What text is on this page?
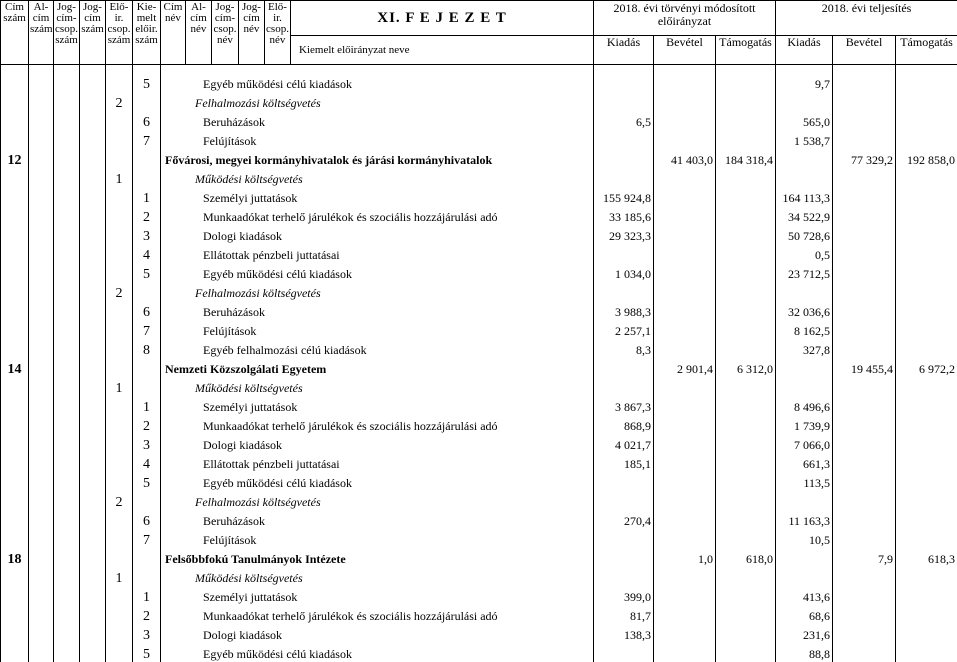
Cím szám	Al-cím szám	Jog-cím-csop. szám	Jog-cím szám	Elő-ir. csop. szám	Kie-melt előir. szám	Cím név	Al-cím név	Jog-cím-csop. név	Jog-cím név	Elő-ir. csop. név	XI. F E J E Z E T	2018. évi törvényi módosított előirányzat			2018. évi teljesítés		
											Kiemelt előirányzat neve	Kiadás	Bevétel	Támogatás	Kiadás	Bevétel	Támogatás

					5	Egyéb működési célú kiadások									9,7		
				2		Felhalmozási költségvetés											
					6	Beruházások						6,5			565,0		
					7	Felújítások									1 538,7		
12						Fővárosi, megyei kormányhivatalok és járási kormányhivatalok							41 403,0	184 318,4		77 329,2	192 858,0
				1		Működési költségvetés											
					1	Személyi juttatások						155 924,8			164 113,3		
					2	Munkaadókat terhelő járulékok és szociális hozzájárulási adó						33 185,6			34 522,9		
					3	Dologi kiadások						29 323,3			50 728,6		
					4	Ellátottak pénzbeli juttatásai									0,5		
					5	Egyéb működési célú kiadások						1 034,0			23 712,5		
				2		Felhalmozási költségvetés											
					6	Beruházások						3 988,3			32 036,6		
					7	Felújítások						2 257,1			8 162,5		
					8	Egyéb felhalmozási célú kiadások						8,3			327,8		
14						Nemzeti Közszolgálati Egyetem							2 901,4	6 312,0		19 455,4	6 972,2
				1		Működési költségvetés											
					1	Személyi juttatások						3 867,3			8 496,6		
					2	Munkaadókat terhelő járulékok és szociális hozzájárulási adó						868,9			1 739,9		
					3	Dologi kiadások						4 021,7			7 066,0		
					4	Ellátottak pénzbeli juttatásai						185,1			661,3		
					5	Egyéb működési célú kiadások									113,5		
				2		Felhalmozási költségvetés											
					6	Beruházások						270,4			11 163,3		
					7	Felújítások									10,5		
18						Felsőbbfokú Tanulmányok Intézete							1,0	618,0		7,9	618,3
				1		Működési költségvetés											
					1	Személyi juttatások						399,0			413,6		
					2	Munkaadókat terhelő járulékok és szociális hozzájárulási adó						81,7			68,6		
					3	Dologi kiadások						138,3			231,6		
					5	Egyéb működési célú kiadások									88,8		
